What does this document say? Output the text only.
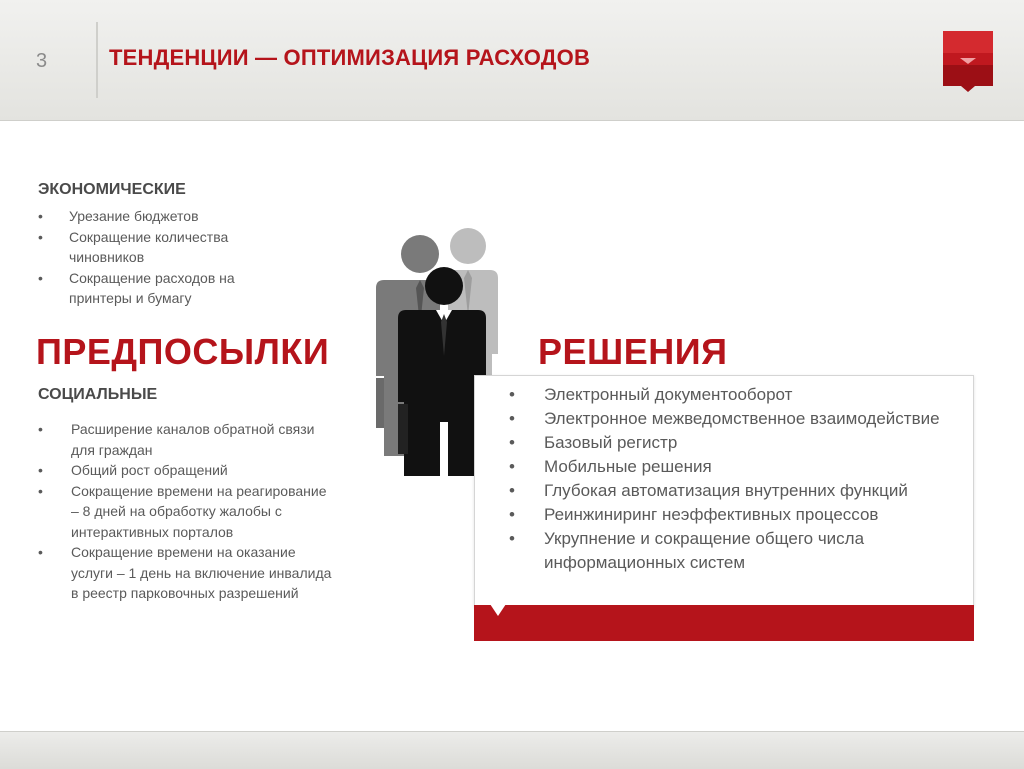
3	ТЕНДЕНЦИИ — ОПТИМИЗАЦИЯ РАСХОДОВ
ЭКОНОМИЧЕСКИЕ
• Урезание бюджетов
• Сокращение количества чиновников
• Сокращение расходов на принтеры и бумагу
ПРЕДПОСЫЛКИ
СОЦИАЛЬНЫЕ
• Расширение каналов обратной связи для граждан
• Общий рост обращений
• Сокращение времени на реагирование – 8 дней на обработку жалобы с интерактивных порталов
• Сокращение времени на оказание услуги – 1 день на включение инвалида в реестр парковочных разрешений
РЕШЕНИЯ
• Электронный документооборот
• Электронное межведомственное взаимодействие
• Базовый регистр
• Мобильные решения
• Глубокая автоматизация внутренних функций
• Реинжиниринг неэффективных процессов
• Укрупнение и сокращение общего числа информационных систем
